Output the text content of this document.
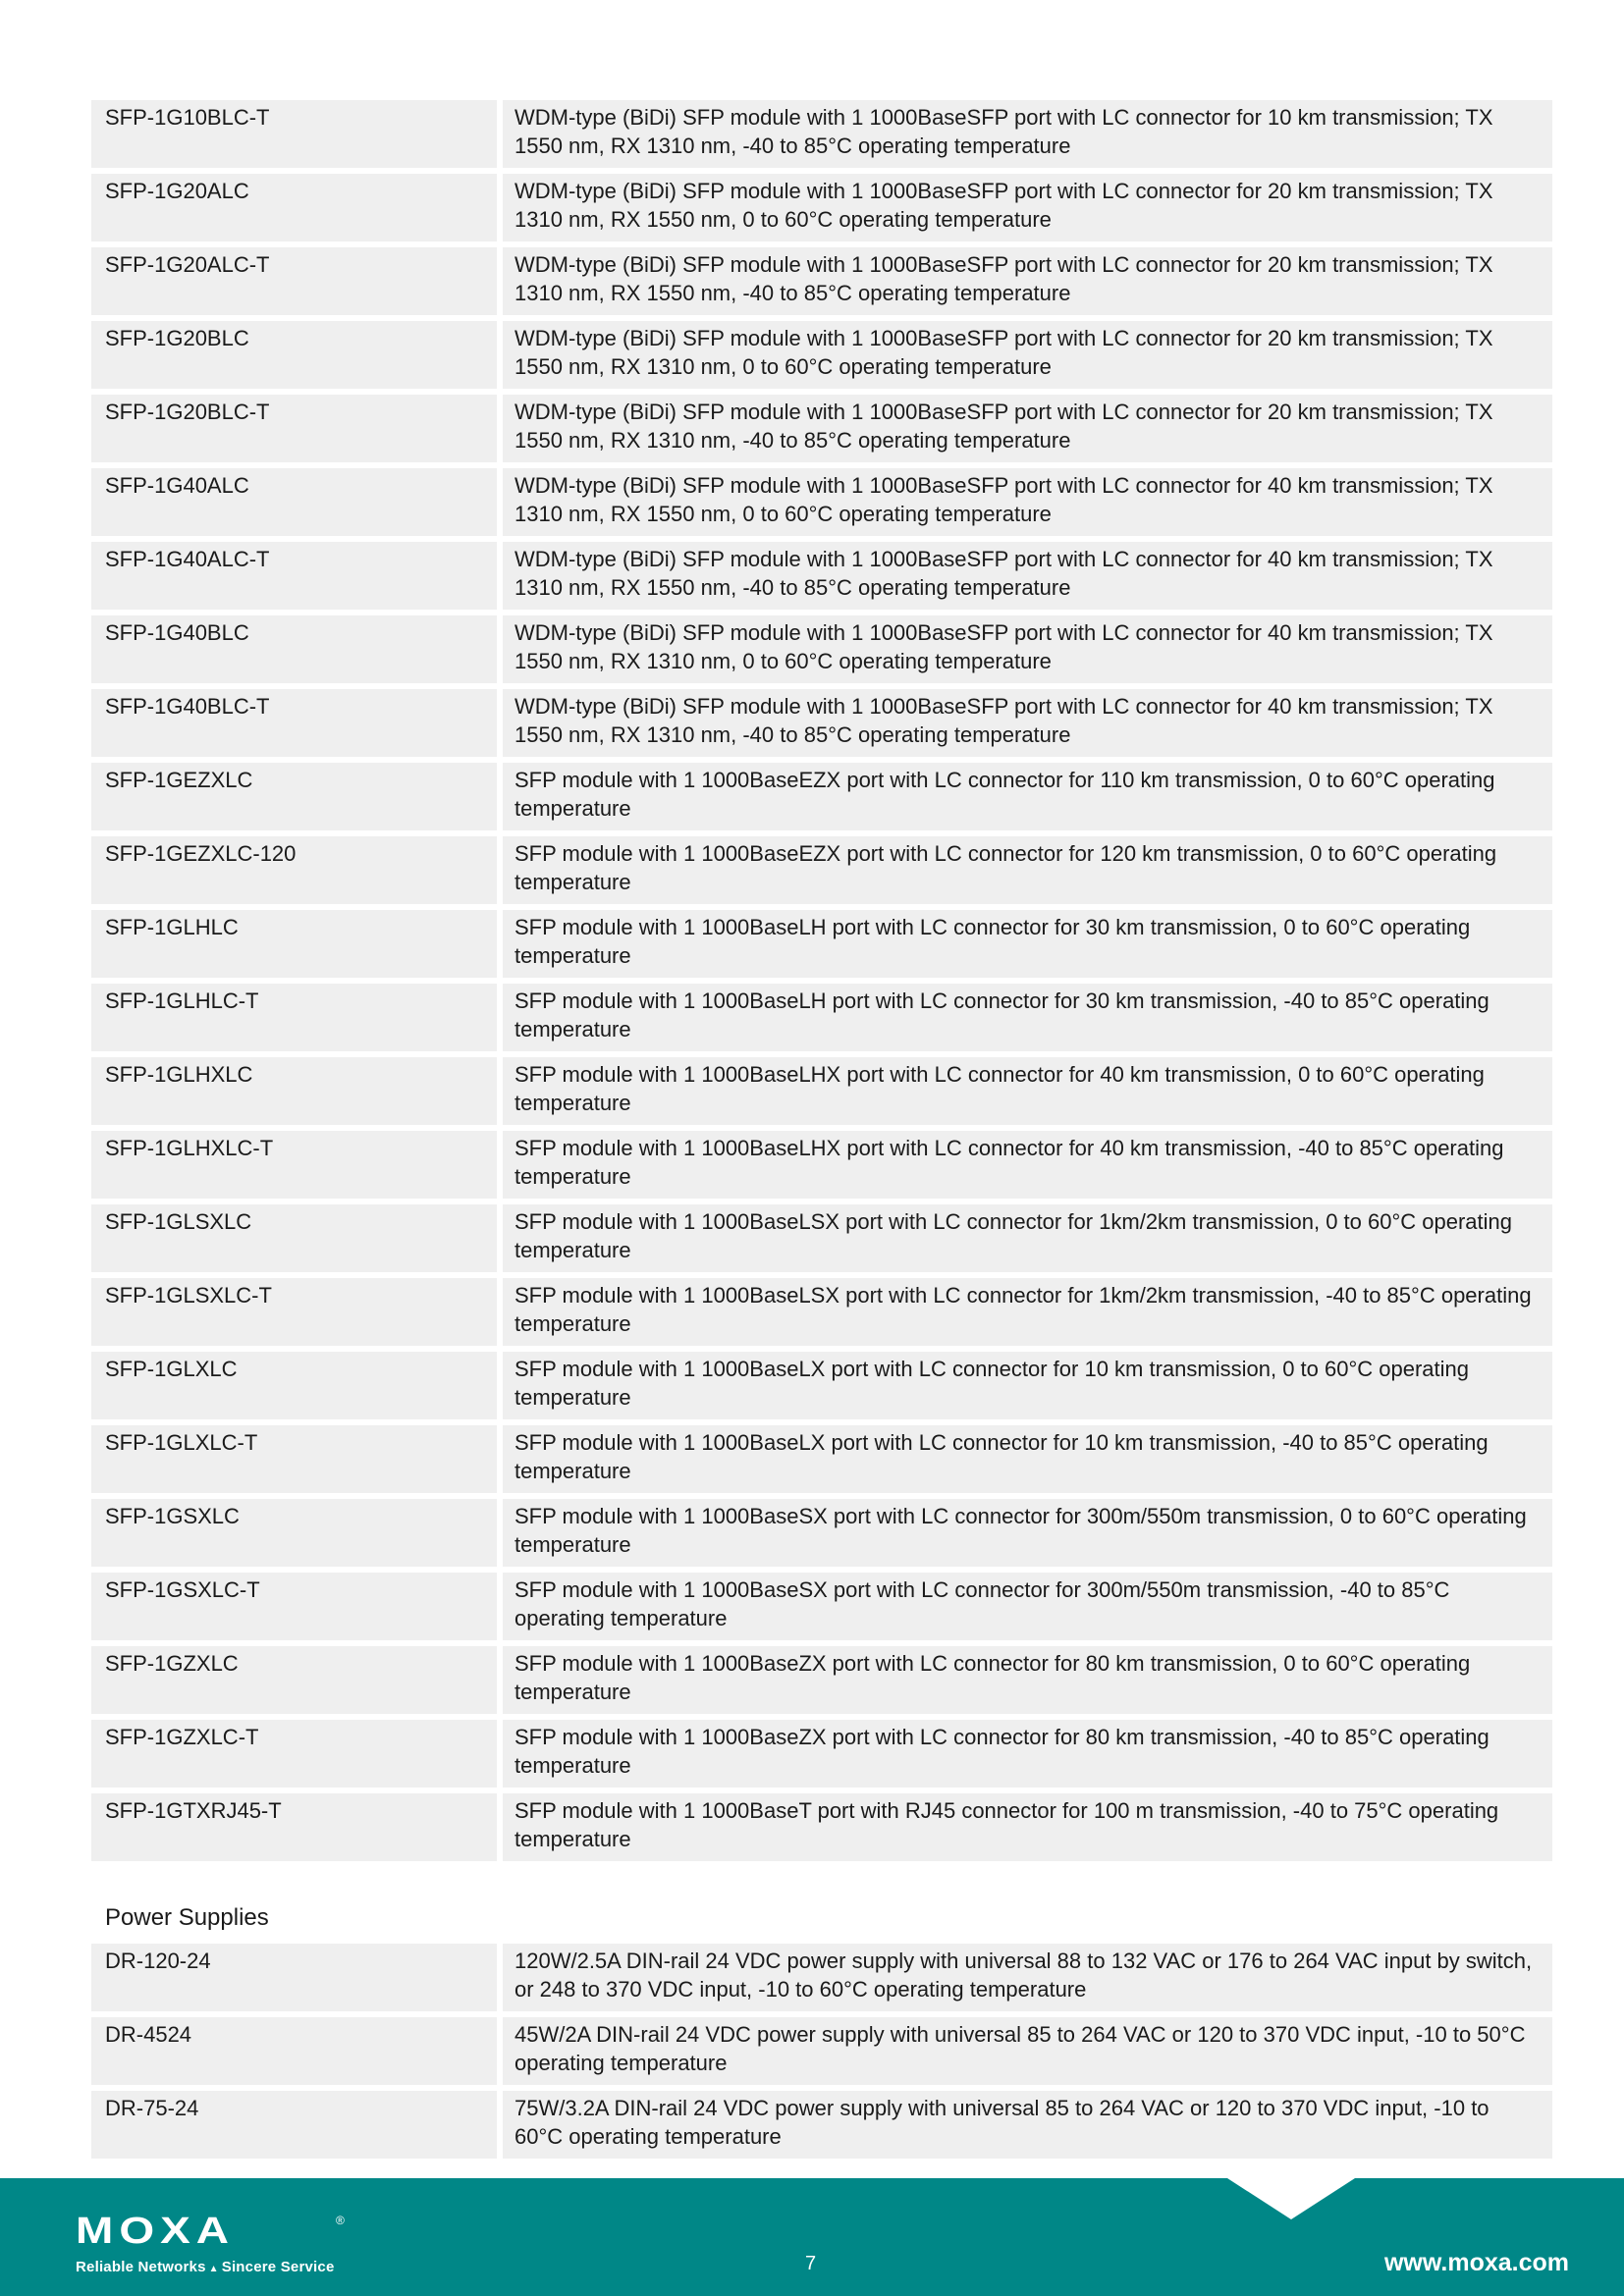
SFP-1G10BLC-T	WDM-type (BiDi) SFP module with 1 1000BaseSFP port with LC connector for 10 km transmission; TX 1550 nm, RX 1310 nm, -40 to 85°C operating temperature
SFP-1G20ALC	WDM-type (BiDi) SFP module with 1 1000BaseSFP port with LC connector for 20 km transmission; TX 1310 nm, RX 1550 nm, 0 to 60°C operating temperature
SFP-1G20ALC-T	WDM-type (BiDi) SFP module with 1 1000BaseSFP port with LC connector for 20 km transmission; TX 1310 nm, RX 1550 nm, -40 to 85°C operating temperature
SFP-1G20BLC	WDM-type (BiDi) SFP module with 1 1000BaseSFP port with LC connector for 20 km transmission; TX 1550 nm, RX 1310 nm, 0 to 60°C operating temperature
SFP-1G20BLC-T	WDM-type (BiDi) SFP module with 1 1000BaseSFP port with LC connector for 20 km transmission; TX 1550 nm, RX 1310 nm, -40 to 85°C operating temperature
SFP-1G40ALC	WDM-type (BiDi) SFP module with 1 1000BaseSFP port with LC connector for 40 km transmission; TX 1310 nm, RX 1550 nm, 0 to 60°C operating temperature
SFP-1G40ALC-T	WDM-type (BiDi) SFP module with 1 1000BaseSFP port with LC connector for 40 km transmission; TX 1310 nm, RX 1550 nm, -40 to 85°C operating temperature
SFP-1G40BLC	WDM-type (BiDi) SFP module with 1 1000BaseSFP port with LC connector for 40 km transmission; TX 1550 nm, RX 1310 nm, 0 to 60°C operating temperature
SFP-1G40BLC-T	WDM-type (BiDi) SFP module with 1 1000BaseSFP port with LC connector for 40 km transmission; TX 1550 nm, RX 1310 nm, -40 to 85°C operating temperature
SFP-1GEZXLC	SFP module with 1 1000BaseEZX port with LC connector for 110 km transmission, 0 to 60°C operating temperature
SFP-1GEZXLC-120	SFP module with 1 1000BaseEZX port with LC connector for 120 km transmission, 0 to 60°C operating temperature
SFP-1GLHLC	SFP module with 1 1000BaseLH port with LC connector for 30 km transmission, 0 to 60°C operating temperature
SFP-1GLHLC-T	SFP module with 1 1000BaseLH port with LC connector for 30 km transmission, -40 to 85°C operating temperature
SFP-1GLHXLC	SFP module with 1 1000BaseLHX port with LC connector for 40 km transmission, 0 to 60°C operating temperature
SFP-1GLHXLC-T	SFP module with 1 1000BaseLHX port with LC connector for 40 km transmission, -40 to 85°C operating temperature
SFP-1GLSXLC	SFP module with 1 1000BaseLSX port with LC connector for 1km/2km transmission, 0 to 60°C operating temperature
SFP-1GLSXLC-T	SFP module with 1 1000BaseLSX port with LC connector for 1km/2km transmission, -40 to 85°C operating temperature
SFP-1GLXLC	SFP module with 1 1000BaseLX port with LC connector for 10 km transmission, 0 to 60°C operating temperature
SFP-1GLXLC-T	SFP module with 1 1000BaseLX port with LC connector for 10 km transmission, -40 to 85°C operating temperature
SFP-1GSXLC	SFP module with 1 1000BaseSX port with LC connector for 300m/550m transmission, 0 to 60°C operating temperature
SFP-1GSXLC-T	SFP module with 1 1000BaseSX port with LC connector for 300m/550m transmission, -40 to 85°C operating temperature
SFP-1GZXLC	SFP module with 1 1000BaseZX port with LC connector for 80 km transmission, 0 to 60°C operating temperature
SFP-1GZXLC-T	SFP module with 1 1000BaseZX port with LC connector for 80 km transmission, -40 to 85°C operating temperature
SFP-1GTXRJ45-T	SFP module with 1 1000BaseT port with RJ45 connector for 100 m transmission, -40 to 75°C operating temperature
Power Supplies
DR-120-24	120W/2.5A DIN-rail 24 VDC power supply with universal 88 to 132 VAC or 176 to 264 VAC input by switch, or 248 to 370 VDC input, -10 to 60°C operating temperature
DR-4524	45W/2A DIN-rail 24 VDC power supply with universal 85 to 264 VAC or 120 to 370 VDC input, -10 to 50°C operating temperature
DR-75-24	75W/3.2A DIN-rail 24 VDC power supply with universal 85 to 264 VAC or 120 to 370 VDC input, -10 to 60°C operating temperature
MOXA	®
Reliable Networks ▲ Sincere Service	7	www.moxa.com
